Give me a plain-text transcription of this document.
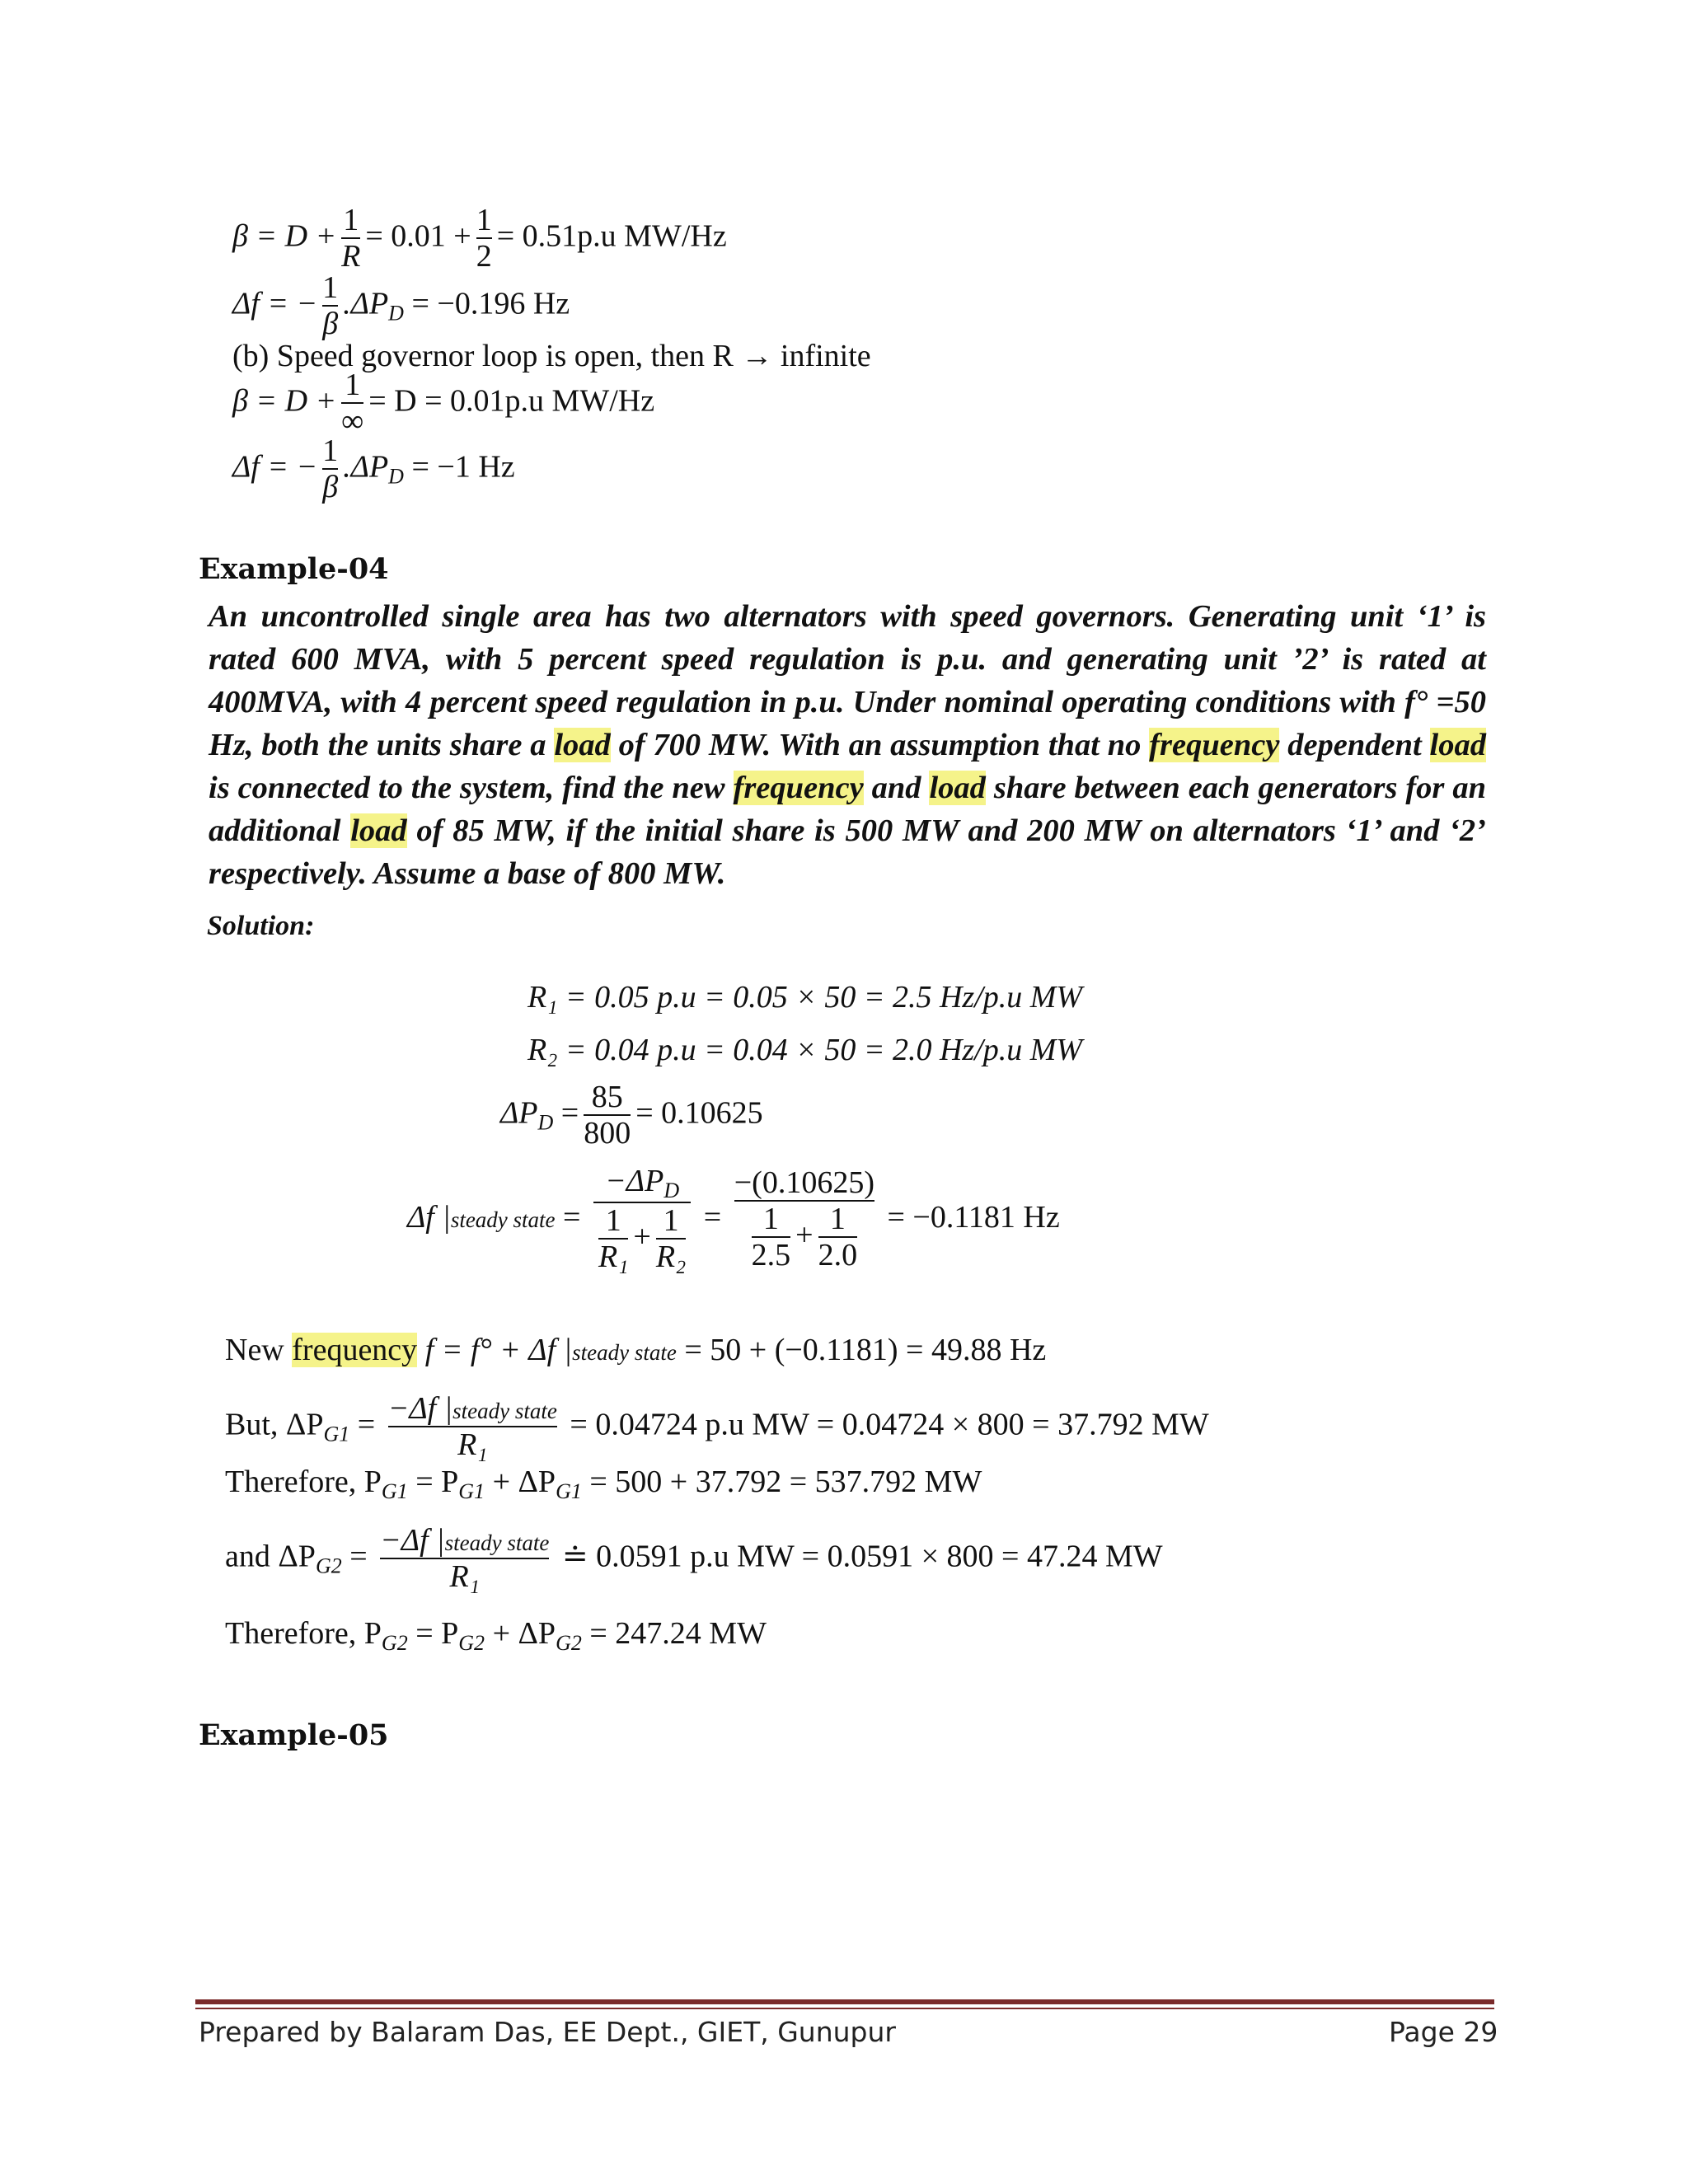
$\beta = D + \frac{1}{R} = 0.01 + \frac{1}{2} = 0.51p.u$ MW/Hz
Δf = − $\frac{1}{\beta} .\Delta P_D = -0.196$ Hz
(b) Speed governor loop is open, then R → infinite
$\beta = D + \frac{1}{\infty} = D = 0.01p.u$ MW/Hz
Δf = − $\frac{1}{\beta} .\Delta P_D = -1$ Hz
Example-04
An uncontrolled single area has two alternators with speed governors. Generating unit ‘1’ is rated 600 MVA, with 5 percent speed regulation is p.u. and generating unit ’2’ is rated at 400MVA, with 4 percent speed regulation in p.u. Under nominal operating conditions with f° =50 Hz, both the units share a load of 700 MW. With an assumption that no frequency dependent load is connected to the system, find the new frequency and load share between each generators for an additional load of 85 MW, if the initial share is 500 MW and 200 MW on alternators ‘1’ and ‘2’ respectively. Assume a base of 800 MW.
Solution:
R₁ = 0.05 p.u = 0.05 × 50 = 2.5 Hz/p.u MW
R₂ = 0.04 p.u = 0.04 × 50 = 2.0 Hz/p.u MW
$\Delta P_D = \frac{85}{800} = 0.10625$
Δf |steady state = $\frac{-\Delta P_D}{\frac{1}{\text{R₁}} + \frac{1}{\text{R₂}}} = \frac{-(0.10625)}{\frac{1}{2.5} + \frac{1}{2.0}} = -0.1181$ Hz
New frequency f = f° + Δf |steady state = 50 + (−0.1181) = 49.88 Hz
But, $\Delta P_{G1} = \frac{\text{−Δf |steady state}}{\text{R₁}} = 0.04724$ p.u MW = 0.04724 × 800 = 37.792 MW
Therefore, $P_{G1} = P_{G1} + \Delta P_{G1} = 500 + 37.792 = 537.792$ MW
and $\Delta P_{G2} = \frac{\text{−Δf |steady state}}{\text{R₁}}$ ≐ 0.0591 p.u MW = 0.0591 × 800 = 47.24 MW
Therefore, $P_{G2} = P_{G2} + \Delta P_{G2} = 247.24$ MW
Example-05
Prepared by Balaram Das, EE Dept., GIET, Gunupur	Page 29
